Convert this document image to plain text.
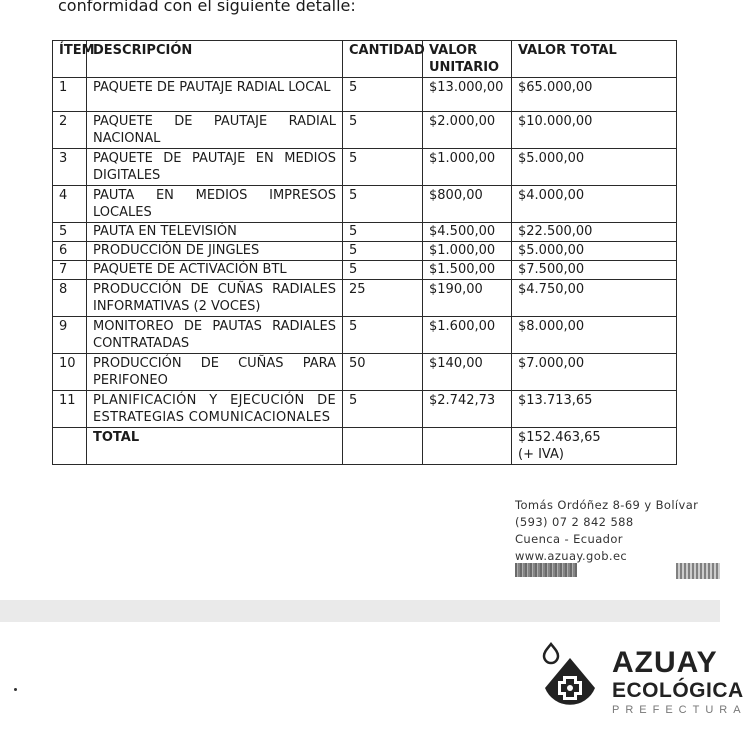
conformidad con el siguiente detalle:
ÍTEM	DESCRIPCIÓN	CANTIDAD	VALOR UNITARIO	VALOR TOTAL
1	PAQUETE DE PAUTAJE RADIAL LOCAL	5	$13.000,00	$65.000,00
2	PAQUETE DE PAUTAJE RADIAL NACIONAL	5	$2.000,00	$10.000,00
3	PAQUETE DE PAUTAJE EN MEDIOS DIGITALES	5	$1.000,00	$5.000,00
4	PAUTA EN MEDIOS IMPRESOS LOCALES	5	$800,00	$4.000,00
5	PAUTA EN TELEVISIÓN	5	$4.500,00	$22.500,00
6	PRODUCCIÓN DE JINGLES	5	$1.000,00	$5.000,00
7	PAQUETE DE ACTIVACIÓN BTL	5	$1.500,00	$7.500,00
8	PRODUCCIÓN DE CUÑAS RADIALES INFORMATIVAS (2 VOCES)	25	$190,00	$4.750,00
9	MONITOREO DE PAUTAS RADIALES CONTRATADAS	5	$1.600,00	$8.000,00
10	PRODUCCIÓN DE CUÑAS PARA PERIFONEO	50	$140,00	$7.000,00
11	PLANIFICACIÓN Y EJECUCIÓN DE ESTRATEGIAS COMUNICACIONALES	5	$2.742,73	$13.713,65
	TOTAL			$152.463,65
(+ IVA)
Tomás Ordóñez 8-69 y Bolívar
(593) 07 2 842 588
Cuenca - Ecuador
www.azuay.gob.ec
AZUAY
ECOLÓGICA
PREFECTURA
